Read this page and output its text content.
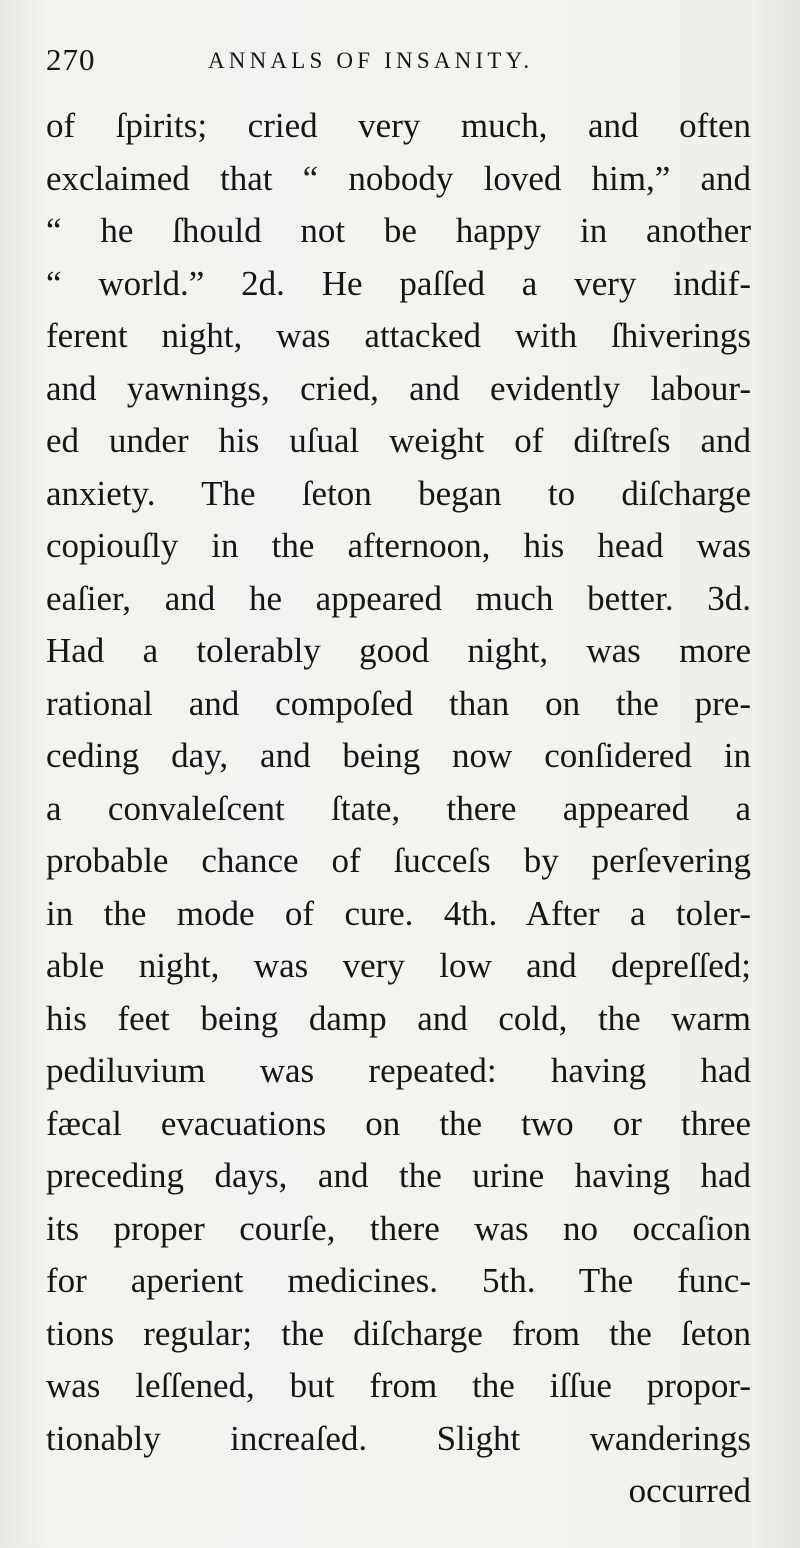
270	ANNALS OF INSANITY.
of ſpirits; cried very much, and often
exclaimed that “ nobody loved him,” and
“ he ſhould not be happy in another
“ world.” 2d. He paſſed a very indif-
ferent night, was attacked with ſhiverings
and yawnings, cried, and evidently labour-
ed under his uſual weight of diſtreſs and
anxiety. The ſeton began to diſcharge
copiouſly in the afternoon, his head was
eaſier, and he appeared much better. 3d.
Had a tolerably good night, was more
rational and compoſed than on the pre-
ceding day, and being now conſidered in
a convaleſcent ſtate, there appeared a
probable chance of ſucceſs by perſevering
in the mode of cure. 4th. After a toler-
able night, was very low and depreſſed;
his feet being damp and cold, the warm
pediluvium was repeated: having had
fæcal evacuations on the two or three
preceding days, and the urine having had
its proper courſe, there was no occaſion
for aperient medicines. 5th. The func-
tions regular; the diſcharge from the ſeton
was leſſened, but from the iſſue propor-
tionably increaſed. Slight wanderings
occurred
